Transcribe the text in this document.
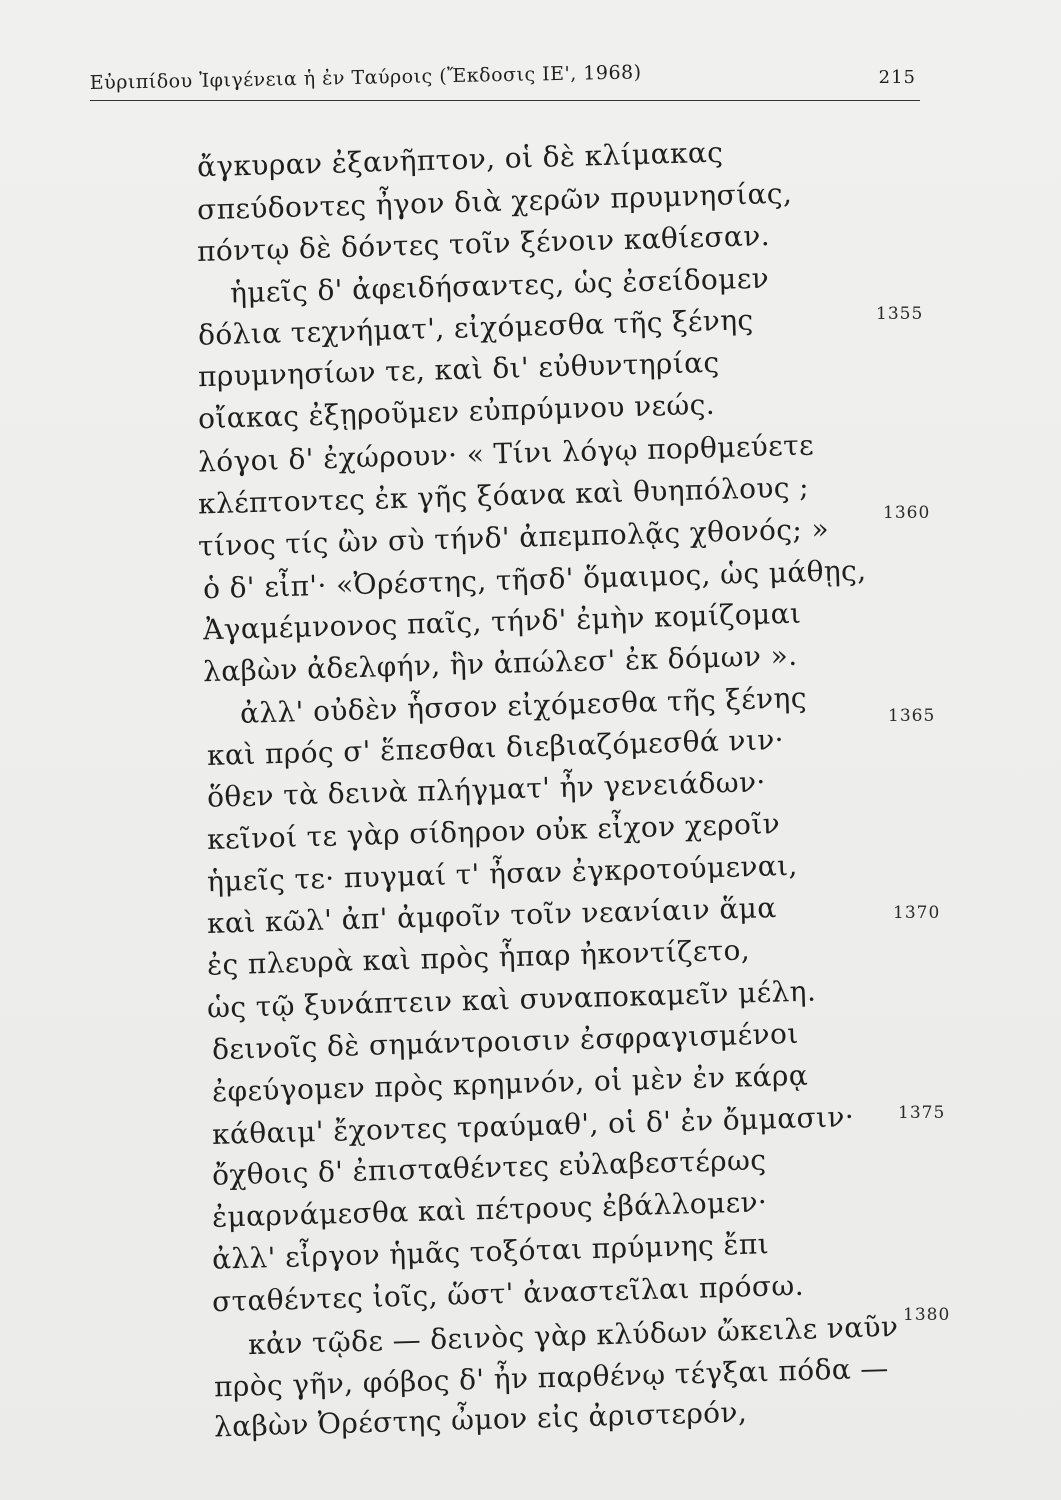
Εὐριπίδου Ἰφιγένεια ἡ ἐν Ταύροις (Ἔκδοσις ΙΕ', 1968)	215
ἄγκυραν ἐξανῆπτον, οἱ δὲ κλίμακας
σπεύδοντες ἦγον διὰ χερῶν πρυμνησίας,
πόντῳ δὲ δόντες τοῖν ξένοιν καθίεσαν.
ἡμεῖς δ' ἀφειδήσαντες, ὡς ἐσείδομεν
δόλια τεχνήματ', εἰχόμεσθα τῆς ξένης
πρυμνησίων τε, καὶ δι' εὐθυντηρίας
οἴακας ἐξῃροῦμεν εὐπρύμνου νεώς.
λόγοι δ' ἐχώρουν· « Τίνι λόγῳ πορθμεύετε
κλέπτοντες ἐκ γῆς ξόανα καὶ θυηπόλους ;
τίνος τίς ὢν σὺ τήνδ' ἀπεμπολᾷς χθονός; »
ὁ δ' εἶπ'· «Ὀρέστης, τῆσδ' ὅμαιμος, ὡς μάθῃς,
Ἀγαμέμνονος παῖς, τήνδ' ἐμὴν κομίζομαι
λαβὼν ἀδελφήν, ἣν ἀπώλεσ' ἐκ δόμων ».
ἀλλ' οὐδὲν ἧσσον εἰχόμεσθα τῆς ξένης
καὶ πρός σ' ἕπεσθαι διεβιαζόμεσθά νιν·
ὅθεν τὰ δεινὰ πλήγματ' ἦν γενειάδων·
κεῖνοί τε γὰρ σίδηρον οὐκ εἶχον χεροῖν
ἡμεῖς τε· πυγμαί τ' ἦσαν ἐγκροτούμεναι,
καὶ κῶλ' ἀπ' ἀμφοῖν τοῖν νεανίαιν ἅμα
ἐς πλευρὰ καὶ πρὸς ἧπαρ ἠκοντίζετο,
ὡς τῷ ξυνάπτειν καὶ συναποκαμεῖν μέλη.
δεινοῖς δὲ σημάντροισιν ἐσφραγισμένοι
ἐφεύγομεν πρὸς κρημνόν, οἱ μὲν ἐν κάρᾳ
κάθαιμ' ἔχοντες τραύμαθ', οἱ δ' ἐν ὄμμασιν·
ὄχθοις δ' ἐπισταθέντες εὐλαβεστέρως
ἐμαρνάμεσθα καὶ πέτρους ἐβάλλομεν·
ἀλλ' εἶργον ἡμᾶς τοξόται πρύμνης ἔπι
σταθέντες ἰοῖς, ὥστ' ἀναστεῖλαι πρόσω.
κἀν τῷδε — δεινὸς γὰρ κλύδων ὤκειλε ναῦν
πρὸς γῆν, φόβος δ' ἦν παρθένῳ τέγξαι πόδα —
λαβὼν Ὀρέστης ὦμον εἰς ἀριστερόν,
1355
1360
1365
1370
1375
1380
